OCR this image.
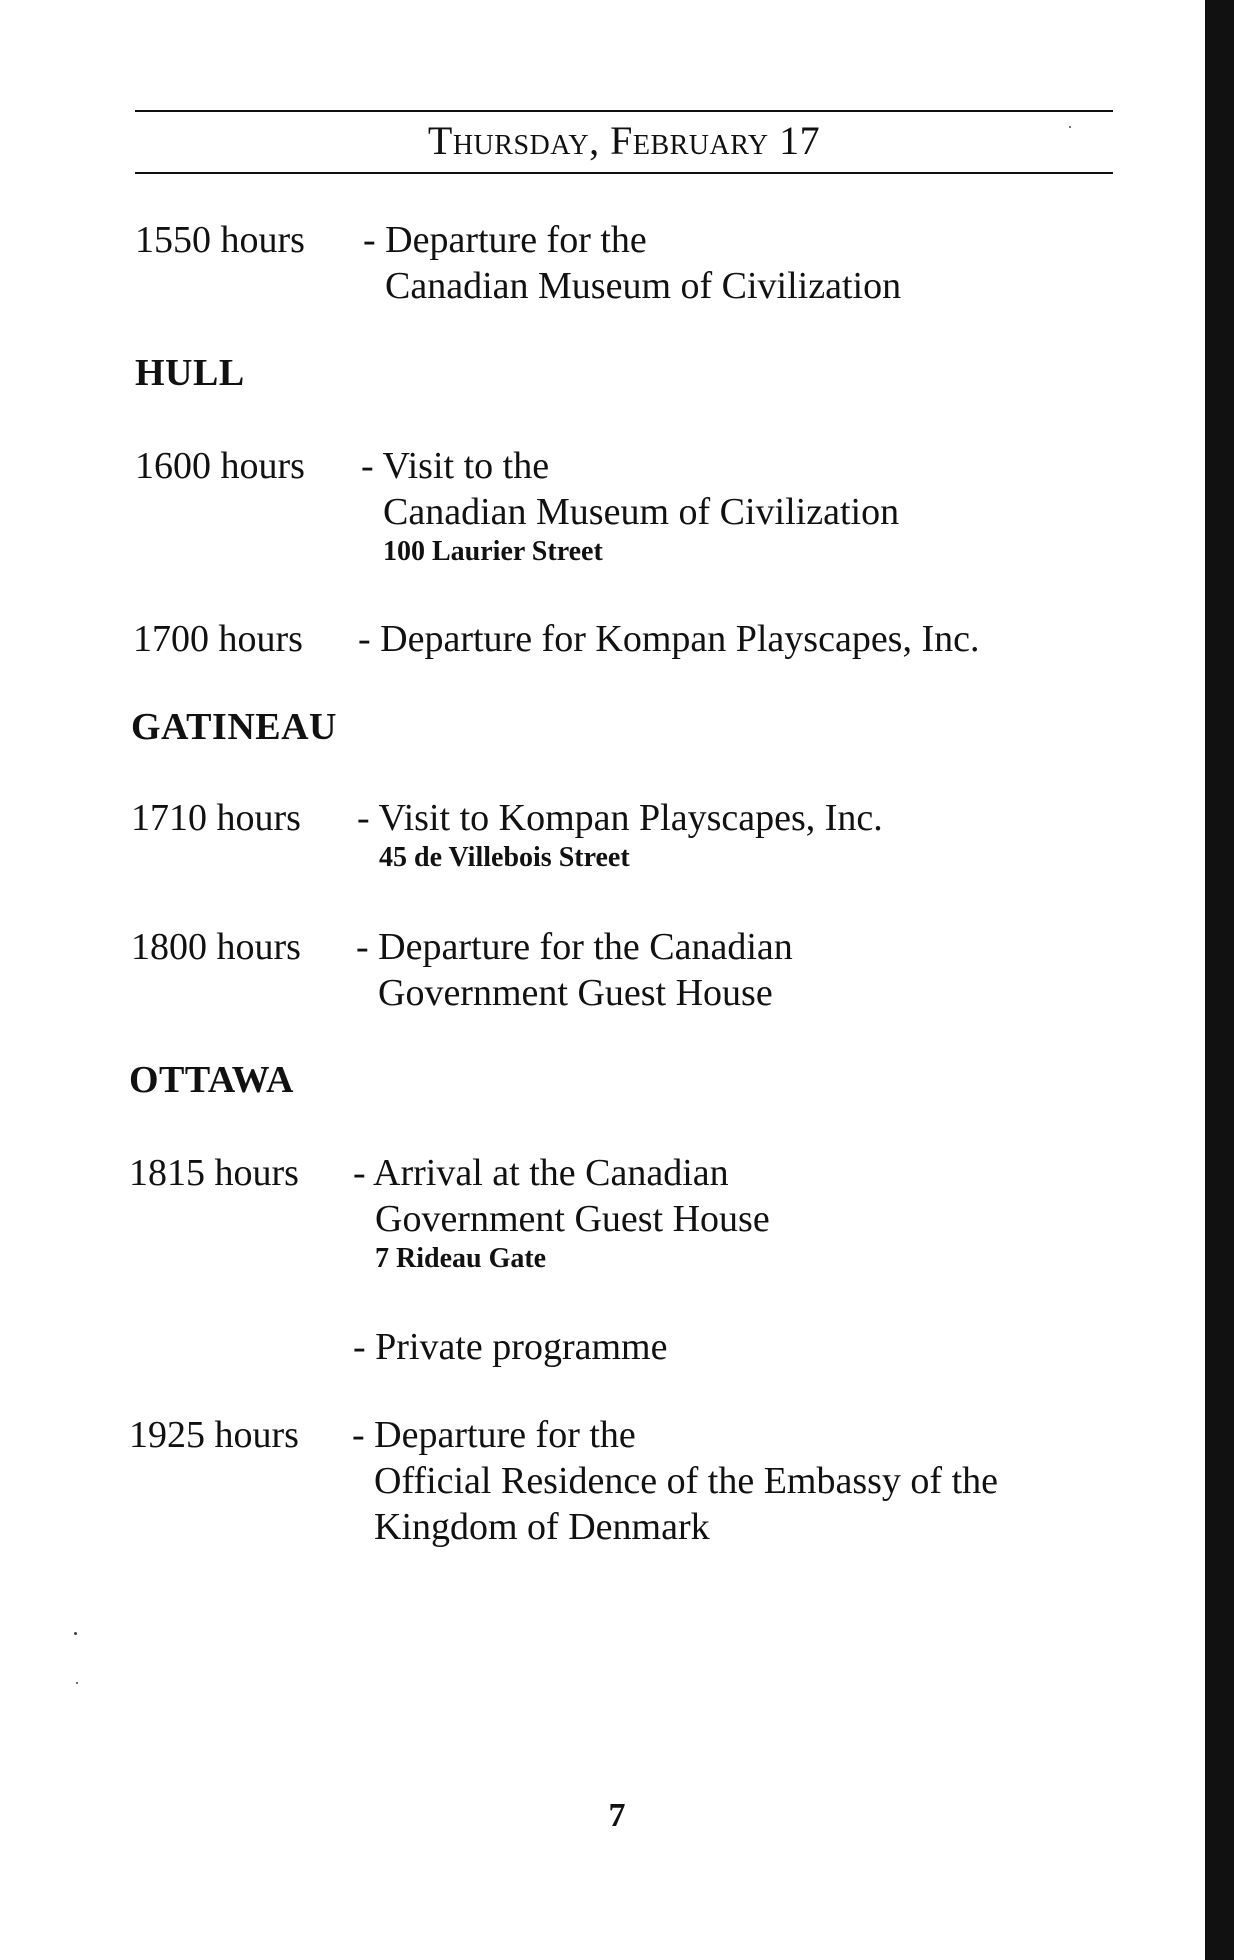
Thursday, February 17
1550 hours - Departure for the
Canadian Museum of Civilization
HULL
1600 hours - Visit to the
Canadian Museum of Civilization
100 Laurier Street
1700 hours - Departure for Kompan Playscapes, Inc.
GATINEAU
1710 hours - Visit to Kompan Playscapes, Inc.
45 de Villebois Street
1800 hours - Departure for the Canadian
Government Guest House
OTTAWA
1815 hours - Arrival at the Canadian
Government Guest House
7 Rideau Gate
- Private programme
1925 hours - Departure for the
Official Residence of the Embassy of the
Kingdom of Denmark
7
